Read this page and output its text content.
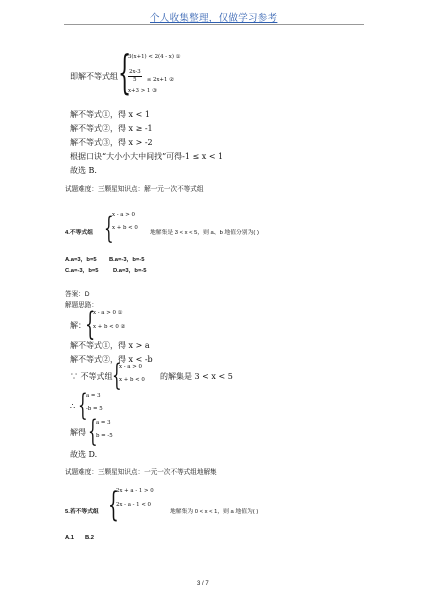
个人收集整理，仅做学习参考
即解不等式组 {
3(x+1) < 2(4 - x) ①
$\frac{2x-3}{5} \le 2x+1$ ②
x+3 > 1 ③
解不等式①，得 x < 1
解不等式②，得 x ≥ -1
解不等式③，得 x > -2
根据口诀“大小小大中间找”可得-1 ≤ x < 1
故选 B.
试题难度：三颗星知识点：解一元一次不等式组
4.不等式组 {
x - a > 0
x + b < 0
地解集是 3 < x < 5，则 a、b 地值分别为( )
A.a=3，b=5 B.a=-3，b=-5
C.a=-3，b=5 D.a=3，b=-5
答案：D
解题思路：
解： {
x - a > 0 ①
x + b < 0 ②
解不等式①，得 x > a
解不等式②，得 x < -b
∵ 不等式组 {
x - a > 0
x + b < 0 的解集是 3 < x < 5
∴ {
a = 3
-b = 5
解得 {
a = 3
b = -5
故选 D.
试题难度：三颗星知识点：一元一次不等式组地解集
5.若不等式组 {
2x + a - 1 > 0
2x - a - 1 < 0
地解集为 0 < x < 1，则 a 地值为( )
A.1 B.2
3 / 7
